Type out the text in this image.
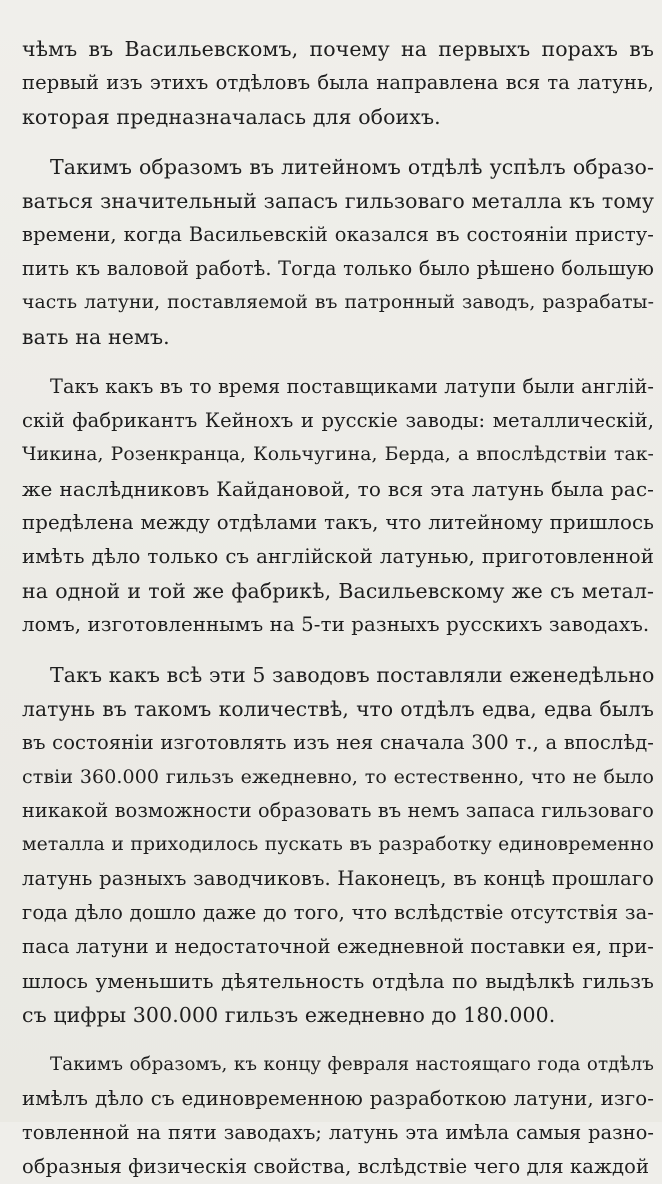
чѣмъ въ Васильевскомъ, почему на первыхъ порахъ въ
первый изъ этихъ отдѣловъ была направлена вся та латунь,
которая предназначалась для обоихъ.
Такимъ образомъ въ литейномъ отдѣлѣ успѣлъ образо-
ваться значительный запасъ гильзоваго металла къ тому
времени, когда Васильевскій оказался въ состояніи присту-
пить къ валовой работѣ. Тогда только было рѣшено большую
часть латуни, поставляемой въ патронный заводъ, разрабаты-
вать на немъ.
Такъ какъ въ то время поставщиками латупи были англій-
скій фабрикантъ Кейнохъ и русскіе заводы: металлическій,
Чикина, Розенкранца, Кольчугина, Берда, а впослѣдствіи так-
же наслѣдниковъ Кайдановой, то вся эта латунь была рас-
предѣлена между отдѣлами такъ, что литейному пришлось
имѣть дѣло только съ англійской латунью, приготовленной
на одной и той же фабрикѣ, Васильевскому же съ метал-
ломъ, изготовленнымъ на 5-ти разныхъ русскихъ заводахъ.
Такъ какъ всѣ эти 5 заводовъ поставляли еженедѣльно
латунь въ такомъ количествѣ, что отдѣлъ едва, едва былъ
въ состояніи изготовлять изъ нея сначала 300 т., а впослѣд-
ствіи 360.000 гильзъ ежедневно, то естественно, что не было
никакой возможности образовать въ немъ запаса гильзоваго
металла и приходилось пускать въ разработку единовременно
латунь разныхъ заводчиковъ. Наконецъ, въ концѣ прошлаго
года дѣло дошло даже до того, что вслѣдствіе отсутствія за-
паса латуни и недостаточной ежедневной поставки ея, при-
шлось уменьшить дѣятельность отдѣла по выдѣлкѣ гильзъ
съ цифры 300.000 гильзъ ежедневно до 180.000.
Такимъ образомъ, къ концу февраля настоящаго года отдѣлъ
имѣлъ дѣло съ единовременною разработкою латуни, изго-
товленной на пяти заводахъ; латунь эта имѣла самыя разно-
образныя физическія свойства, вслѣдствіе чего для каждой
